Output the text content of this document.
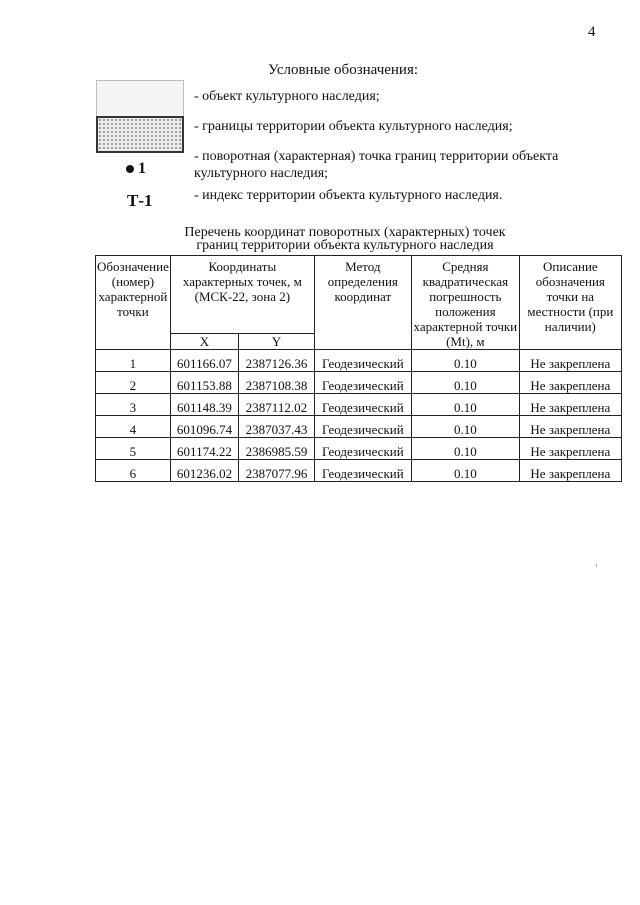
4
Условные обозначения:
- объект культурного наследия;
- границы территории объекта культурного наследия;
1
- поворотная (характерная) точка границ территории объекта культурного наследия;
Т-1	- индекс территории объекта культурного наследия.
Перечень координат поворотных (характерных) точек
границ территории объекта культурного наследия
Обозначение (номер) характерной точки	Координаты характерных точек, м (МСК-22, зона 2)		Метод определения координат	Средняя квадратическая погрешность положения характерной точки (Mt), м	Описание обозначения точки на местности (при наличии)
	X	Y			
1	601166.07	2387126.36	Геодезический	0.10	Не закреплена
2	601153.88	2387108.38	Геодезический	0.10	Не закреплена
3	601148.39	2387112.02	Геодезический	0.10	Не закреплена
4	601096.74	2387037.43	Геодезический	0.10	Не закреплена
5	601174.22	2386985.59	Геодезический	0.10	Не закреплена
6	601236.02	2387077.96	Геодезический	0.10	Не закреплена
